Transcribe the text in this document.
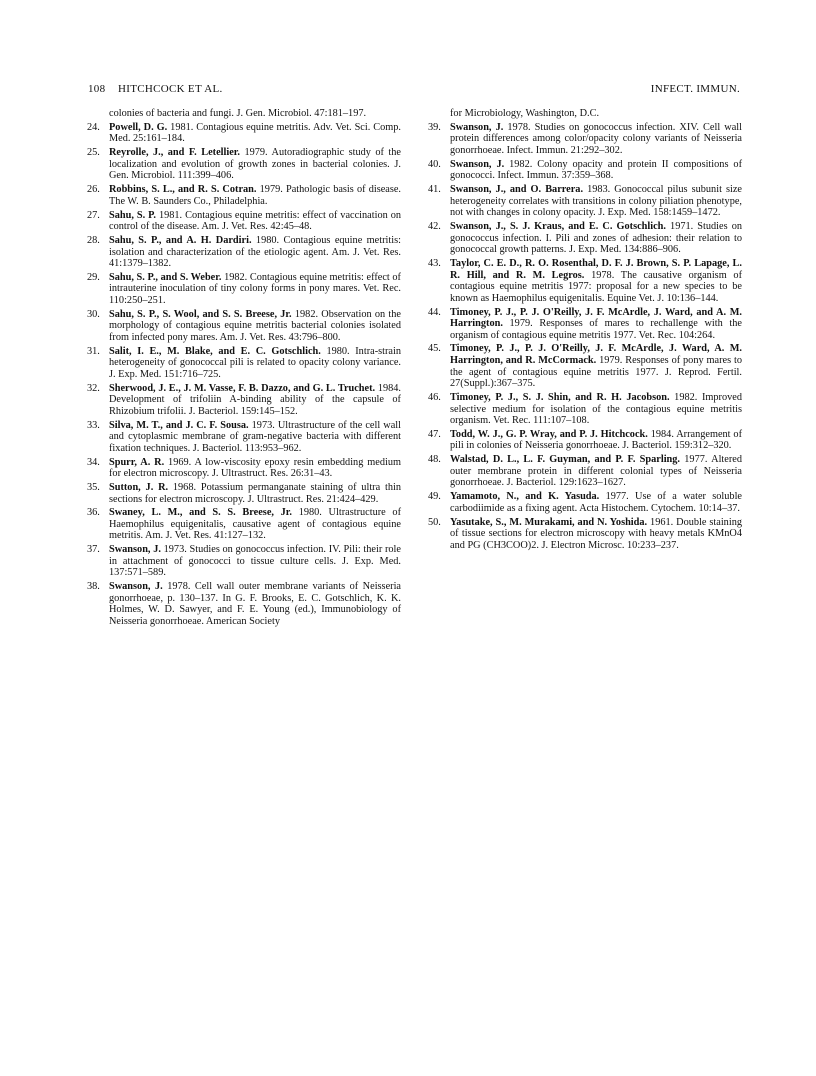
108 HITCHCOCK ET AL.	INFECT. IMMUN.
colonies of bacteria and fungi. J. Gen. Microbiol. 47:181–197.
24. Powell, D. G. 1981. Contagious equine metritis. Adv. Vet. Sci. Comp. Med. 25:161–184.
25. Reyrolle, J., and F. Letellier. 1979. Autoradiographic study of the localization and evolution of growth zones in bacterial colonies. J. Gen. Microbiol. 111:399–406.
26. Robbins, S. L., and R. S. Cotran. 1979. Pathologic basis of disease. The W. B. Saunders Co., Philadelphia.
27. Sahu, S. P. 1981. Contagious equine metritis: effect of vaccination on control of the disease. Am. J. Vet. Res. 42:45–48.
28. Sahu, S. P., and A. H. Dardiri. 1980. Contagious equine metritis: isolation and characterization of the etiologic agent. Am. J. Vet. Res. 41:1379–1382.
29. Sahu, S. P., and S. Weber. 1982. Contagious equine metritis: effect of intrauterine inoculation of tiny colony forms in pony mares. Vet. Rec. 110:250–251.
30. Sahu, S. P., S. Wool, and S. S. Breese, Jr. 1982. Observation on the morphology of contagious equine metritis bacterial colonies isolated from infected pony mares. Am. J. Vet. Res. 43:796–800.
31. Salit, I. E., M. Blake, and E. C. Gotschlich. 1980. Intra-strain heterogeneity of gonococcal pili is related to opacity colony variance. J. Exp. Med. 151:716–725.
32. Sherwood, J. E., J. M. Vasse, F. B. Dazzo, and G. L. Truchet. 1984. Development of trifoliin A-binding ability of the capsule of Rhizobium trifolii. J. Bacteriol. 159:145–152.
33. Silva, M. T., and J. C. F. Sousa. 1973. Ultrastructure of the cell wall and cytoplasmic membrane of gram-negative bacteria with different fixation techniques. J. Bacteriol. 113:953–962.
34. Spurr, A. R. 1969. A low-viscosity epoxy resin embedding medium for electron microscopy. J. Ultrastruct. Res. 26:31–43.
35. Sutton, J. R. 1968. Potassium permanganate staining of ultra thin sections for electron microscopy. J. Ultrastruct. Res. 21:424–429.
36. Swaney, L. M., and S. S. Breese, Jr. 1980. Ultrastructure of Haemophilus equigenitalis, causative agent of contagious equine metritis. Am. J. Vet. Res. 41:127–132.
37. Swanson, J. 1973. Studies on gonococcus infection. IV. Pili: their role in attachment of gonococci to tissue culture cells. J. Exp. Med. 137:571–589.
38. Swanson, J. 1978. Cell wall outer membrane variants of Neisseria gonorrhoeae, p. 130–137. In G. F. Brooks, E. C. Gotschlich, K. K. Holmes, W. D. Sawyer, and F. E. Young (ed.), Immunobiology of Neisseria gonorrhoeae. American Society
for Microbiology, Washington, D.C.
39. Swanson, J. 1978. Studies on gonococcus infection. XIV. Cell wall protein differences among color/opacity colony variants of Neisseria gonorrhoeae. Infect. Immun. 21:292–302.
40. Swanson, J. 1982. Colony opacity and protein II compositions of gonococci. Infect. Immun. 37:359–368.
41. Swanson, J., and O. Barrera. 1983. Gonococcal pilus subunit size heterogeneity correlates with transitions in colony piliation phenotype, not with changes in colony opacity. J. Exp. Med. 158:1459–1472.
42. Swanson, J., S. J. Kraus, and E. C. Gotschlich. 1971. Studies on gonococcus infection. I. Pili and zones of adhesion: their relation to gonococcal growth patterns. J. Exp. Med. 134:886–906.
43. Taylor, C. E. D., R. O. Rosenthal, D. F. J. Brown, S. P. Lapage, L. R. Hill, and R. M. Legros. 1978. The causative organism of contagious equine metritis 1977: proposal for a new species to be known as Haemophilus equigenitalis. Equine Vet. J. 10:136–144.
44. Timoney, P. J., P. J. O'Reilly, J. F. McArdle, J. Ward, and A. M. Harrington. 1979. Responses of mares to rechallenge with the organism of contagious equine metritis 1977. Vet. Rec. 104:264.
45. Timoney, P. J., P. J. O'Reilly, J. F. McArdle, J. Ward, A. M. Harrington, and R. McCormack. 1979. Responses of pony mares to the agent of contagious equine metritis 1977. J. Reprod. Fertil. 27(Suppl.):367–375.
46. Timoney, P. J., S. J. Shin, and R. H. Jacobson. 1982. Improved selective medium for isolation of the contagious equine metritis organism. Vet. Rec. 111:107–108.
47. Todd, W. J., G. P. Wray, and P. J. Hitchcock. 1984. Arrangement of pili in colonies of Neisseria gonorrhoeae. J. Bacteriol. 159:312–320.
48. Walstad, D. L., L. F. Guyman, and P. F. Sparling. 1977. Altered outer membrane protein in different colonial types of Neisseria gonorrhoeae. J. Bacteriol. 129:1623–1627.
49. Yamamoto, N., and K. Yasuda. 1977. Use of a water soluble carbodiimide as a fixing agent. Acta Histochem. Cytochem. 10:14–37.
50. Yasutake, S., M. Murakami, and N. Yoshida. 1961. Double staining of tissue sections for electron microscopy with heavy metals KMnO4 and PG (CH3COO)2. J. Electron Microsc. 10:233–237.
